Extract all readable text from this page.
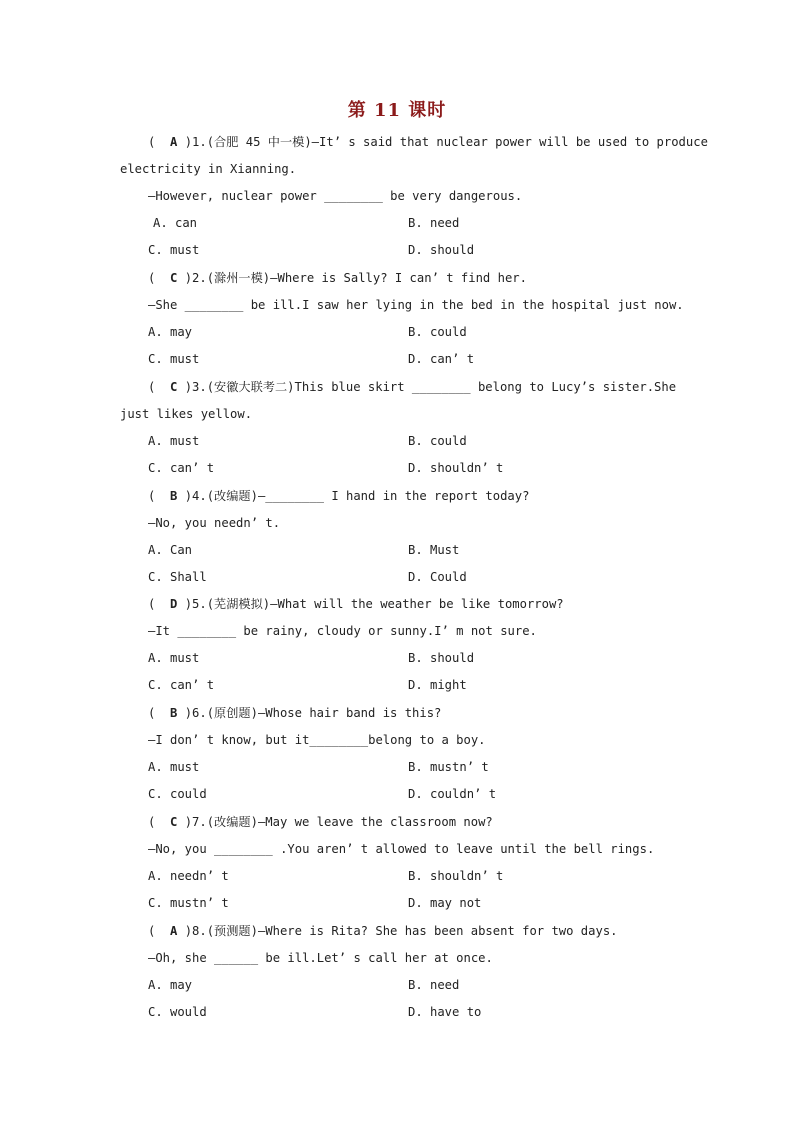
第 11 课时
( A )1.(合肥 45 中一模)—It’ s said that nuclear power will be used to produce
electricity in Xianning.
—However, nuclear power ________ be very dangerous.
A. can	B. need
C. must	D. should
( C )2.(滁州一模)—Where is Sally? I can’ t find her.
—She ________ be ill.I saw her lying in the bed in the hospital just now.
A. may	B. could
C. must	D. can’ t
( C )3.(安徽大联考二)This blue skirt ________ belong to Lucy’s sister.She
just likes yellow.
A. must	B. could
C. can’ t	D. shouldn’ t
( B )4.(改编题)—________ I hand in the report today?
—No, you needn’ t.
A. Can	B. Must
C. Shall	D. Could
( D )5.(芜湖模拟)—What will the weather be like tomorrow?
—It ________ be rainy, cloudy or sunny.I’ m not sure.
A. must	B. should
C. can’ t	D. might
( B )6.(原创题)—Whose hair band is this?
—I don’ t know, but it________belong to a boy.
A. must	B. mustn’ t
C. could	D. couldn’ t
( C )7.(改编题)—May we leave the classroom now?
—No, you ________ .You aren’ t allowed to leave until the bell rings.
A. needn’ t	B. shouldn’ t
C. mustn’ t	D. may not
( A )8.(预测题)—Where is Rita? She has been absent for two days.
—Oh, she ______ be ill.Let’ s call her at once.
A. may	B. need
C. would	D. have to
